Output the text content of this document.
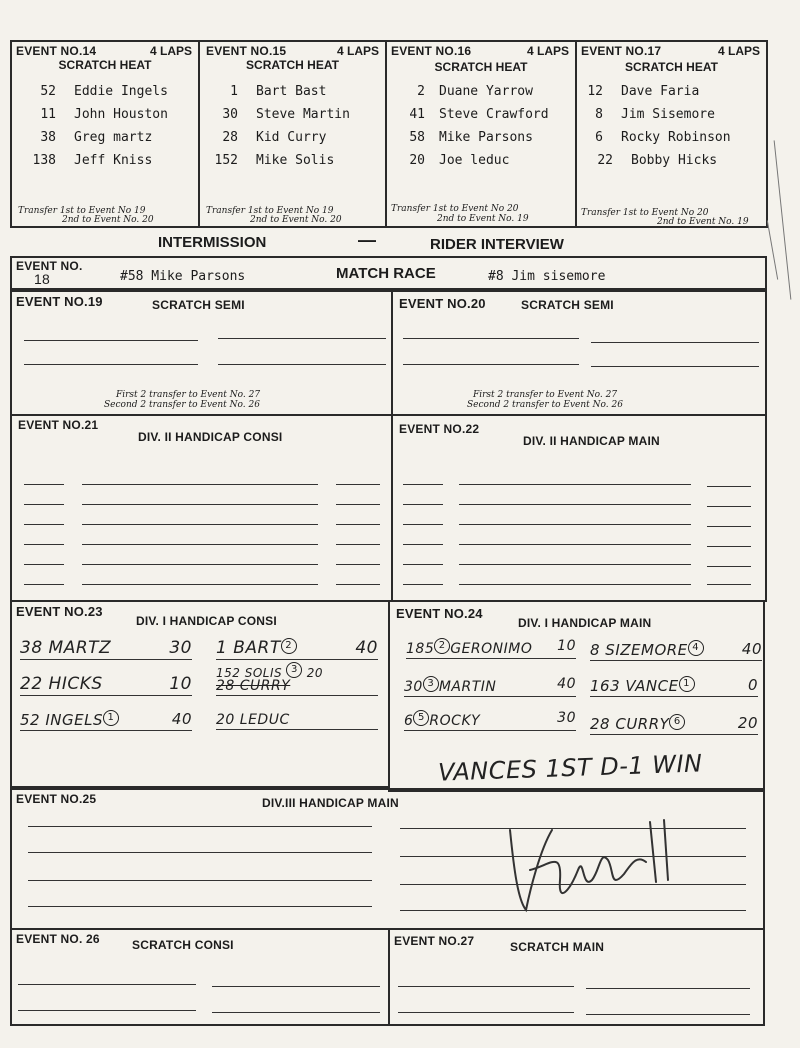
EVENT NO.14	4 LAPS
SCRATCH HEAT
52 Eddie Ingels
11 John Houston
38 Greg martz
138 Jeff Kniss
Transfer 1st to Event No 19
2nd to Event No. 20
EVENT NO.15	4 LAPS
SCRATCH HEAT
1 Bart Bast
30 Steve Martin
28 Kid Curry
152 Mike Solis
Transfer 1st to Event No 19
2nd to Event No. 20
EVENT NO.16	4 LAPS
SCRATCH HEAT
2 Duane Yarrow
41 Steve Crawford
58 Mike Parsons
20 Joe leduc
Transfer 1st to Event No 20
2nd to Event No. 19
EVENT NO.17	4 LAPS
SCRATCH HEAT
12 Dave Faria
8 Jim Sisemore
6 Rocky Robinson
22 Bobby Hicks
Transfer 1st to Event No 20
2nd to Event No. 19
INTERMISSION	—	RIDER INTERVIEW
EVENT NO.
18	#58 Mike Parsons	MATCH RACE	#8 Jim sisemore
EVENT NO.19	SCRATCH SEMI
First 2 transfer to Event No. 27
Second 2 transfer to Event No. 26
EVENT NO.20	SCRATCH SEMI
First 2 transfer to Event No. 27
Second 2 transfer to Event No. 26
EVENT NO.21
DIV. II HANDICAP CONSI
EVENT NO.22
DIV. II HANDICAP MAIN
EVENT NO.23
DIV. I HANDICAP CONSI
38 MARTZ	30
22 HICKS	10
52 INGELS 1	40
1 BART 2	40
152 SOLIS 3 20
28 CURRY
20 LEDUC
EVENT NO.24
DIV. I HANDICAP MAIN
185 2 GERONIMO 10
30 3 MARTIN	40
6 5 ROCKY	30
8 SIZEMORE 4	40
163 VANCE 1	0
28 CURRY 6	20
VANCES 1ST D-1 WIN
EVENT NO.25	DIV.III HANDICAP MAIN
Vance
EVENT NO. 26	SCRATCH CONSI	EVENT NO.27	SCRATCH MAIN
